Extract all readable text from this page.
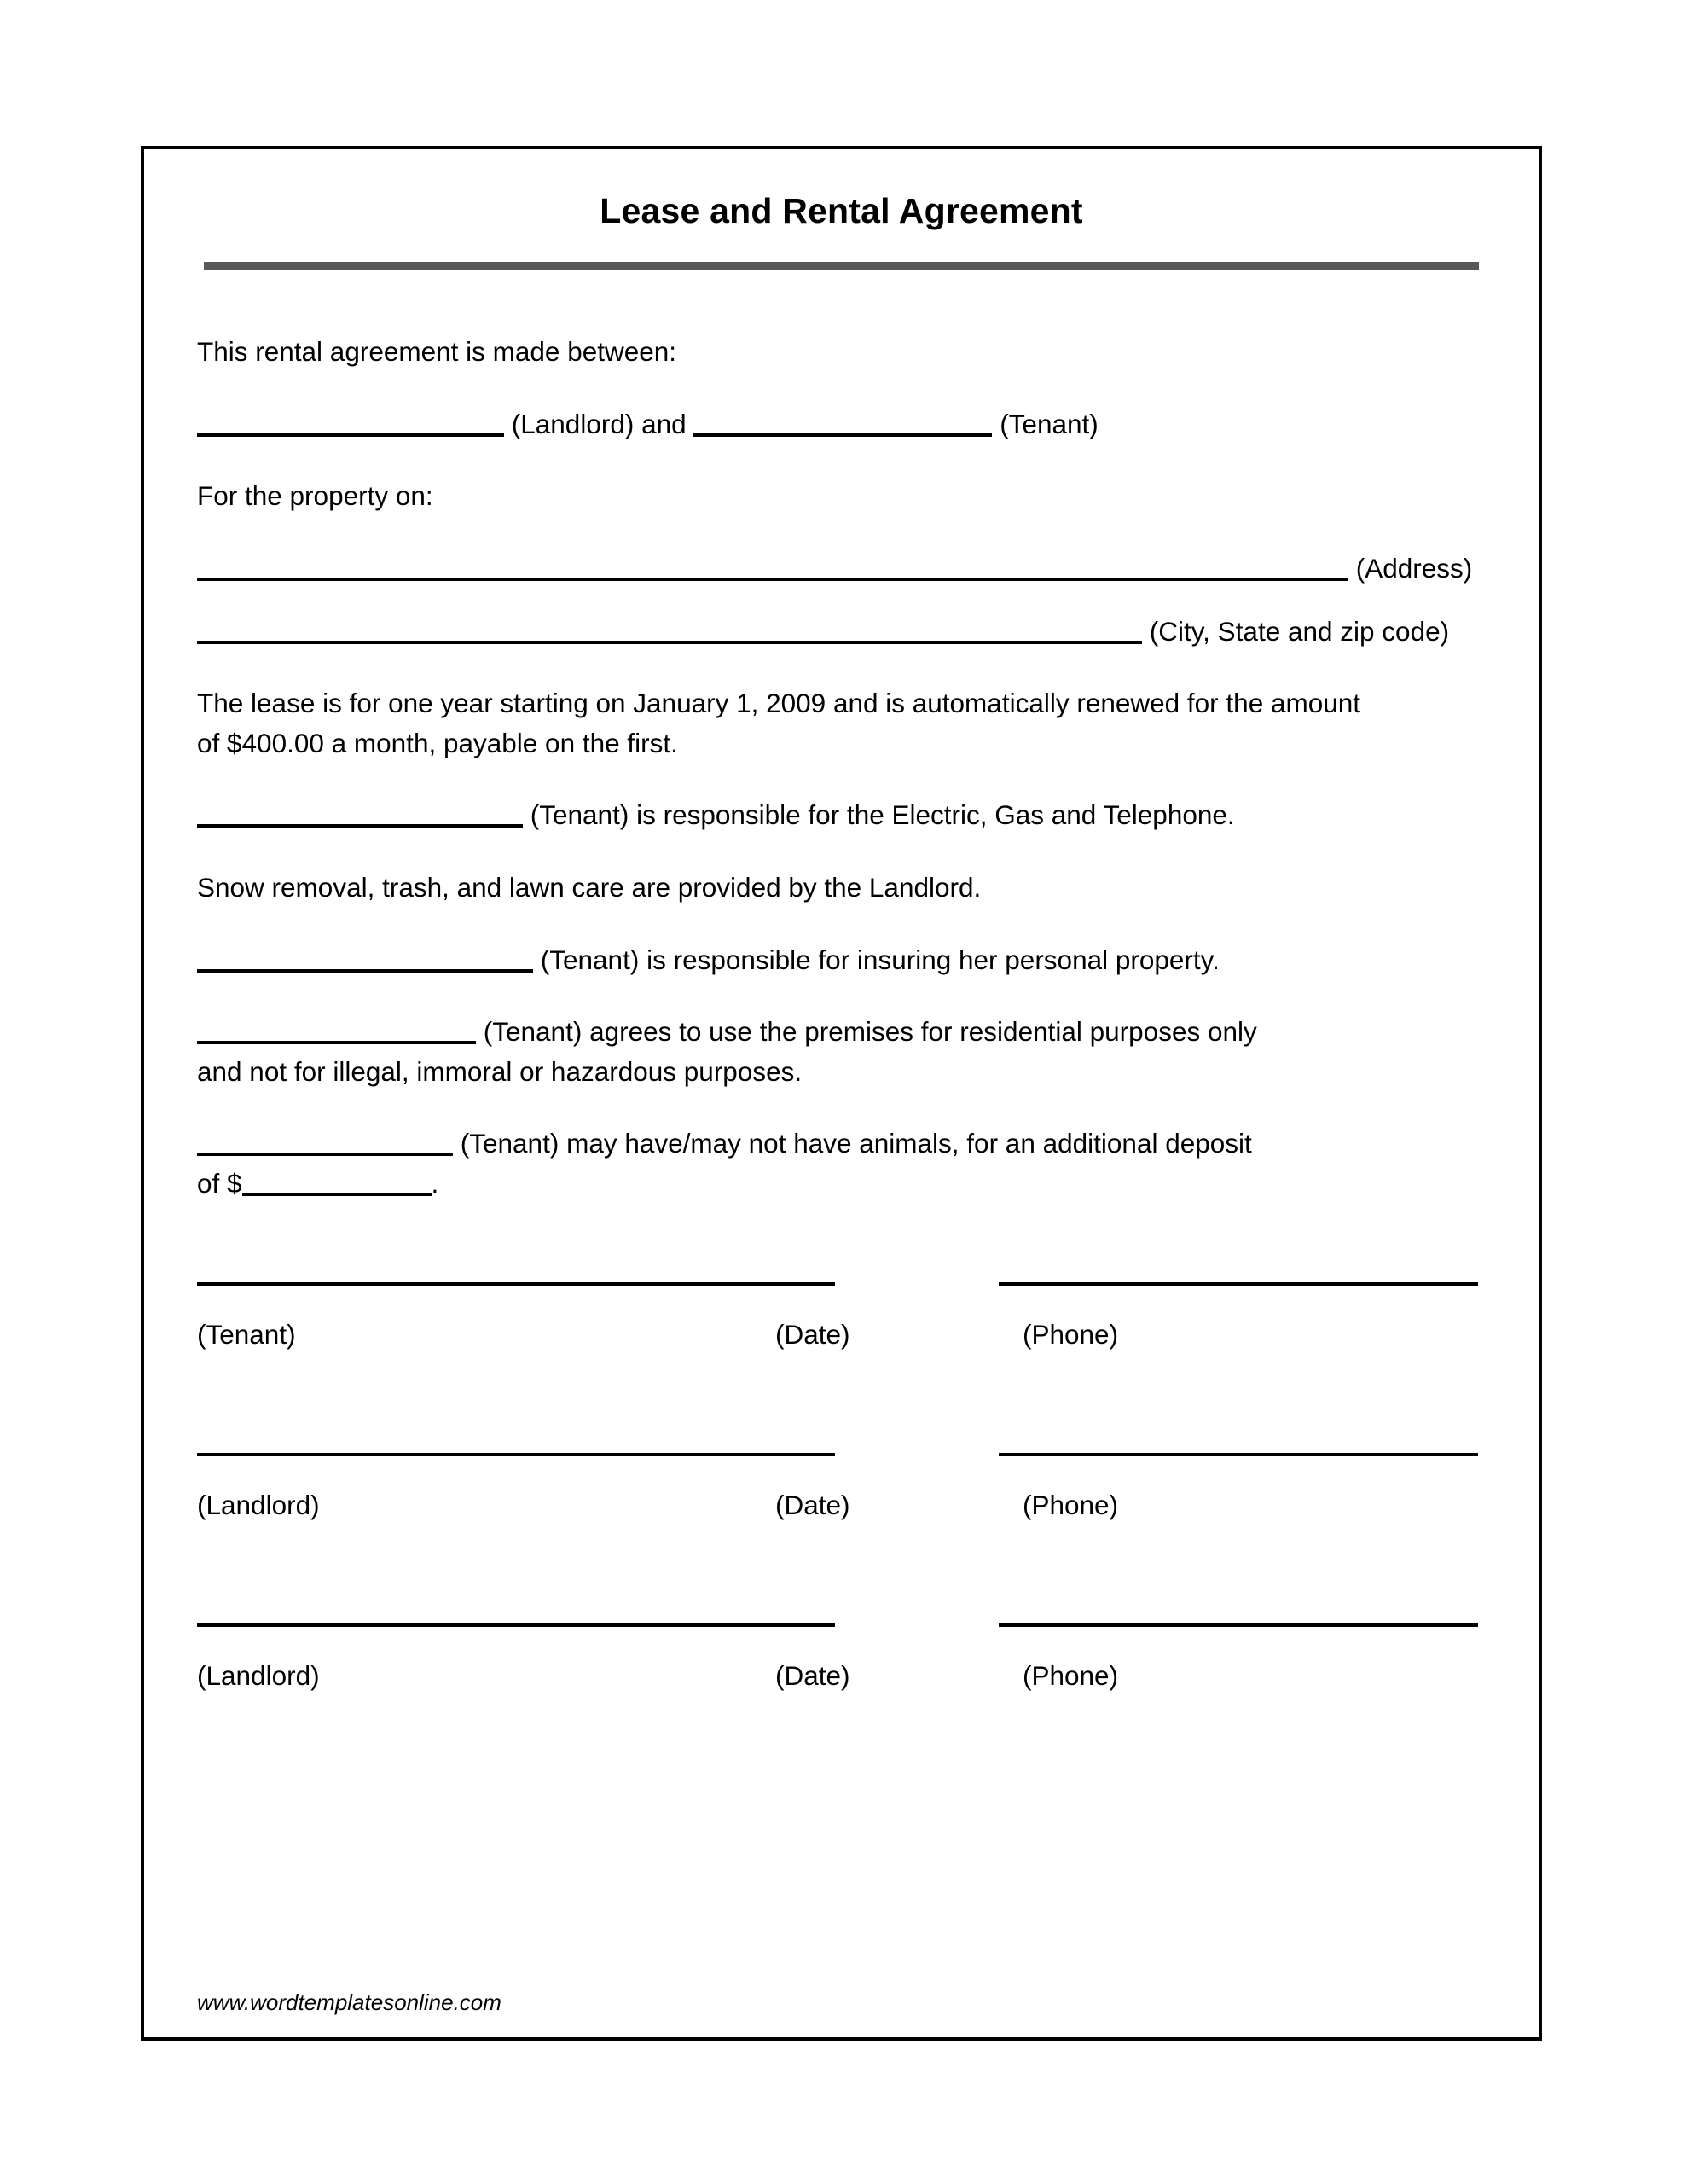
Lease and Rental Agreement
This rental agreement is made between:
(Landlord) and	(Tenant)
For the property on:
(Address)
(City, State and zip code)
The lease is for one year starting on January 1, 2009 and is automatically renewed for the amount
of $400.00 a month, payable on the first.
(Tenant) is responsible for the Electric, Gas and Telephone.
Snow removal, trash, and lawn care are provided by the Landlord.
(Tenant) is responsible for insuring her personal property.
(Tenant) agrees to use the premises for residential purposes only
and not for illegal, immoral or hazardous purposes.
(Tenant) may have/may not have animals, for an additional deposit
of $	.
(Tenant)	(Date)	(Phone)
(Landlord)	(Date)	(Phone)
(Landlord)	(Date)	(Phone)
www.wordtemplatesonline.com
